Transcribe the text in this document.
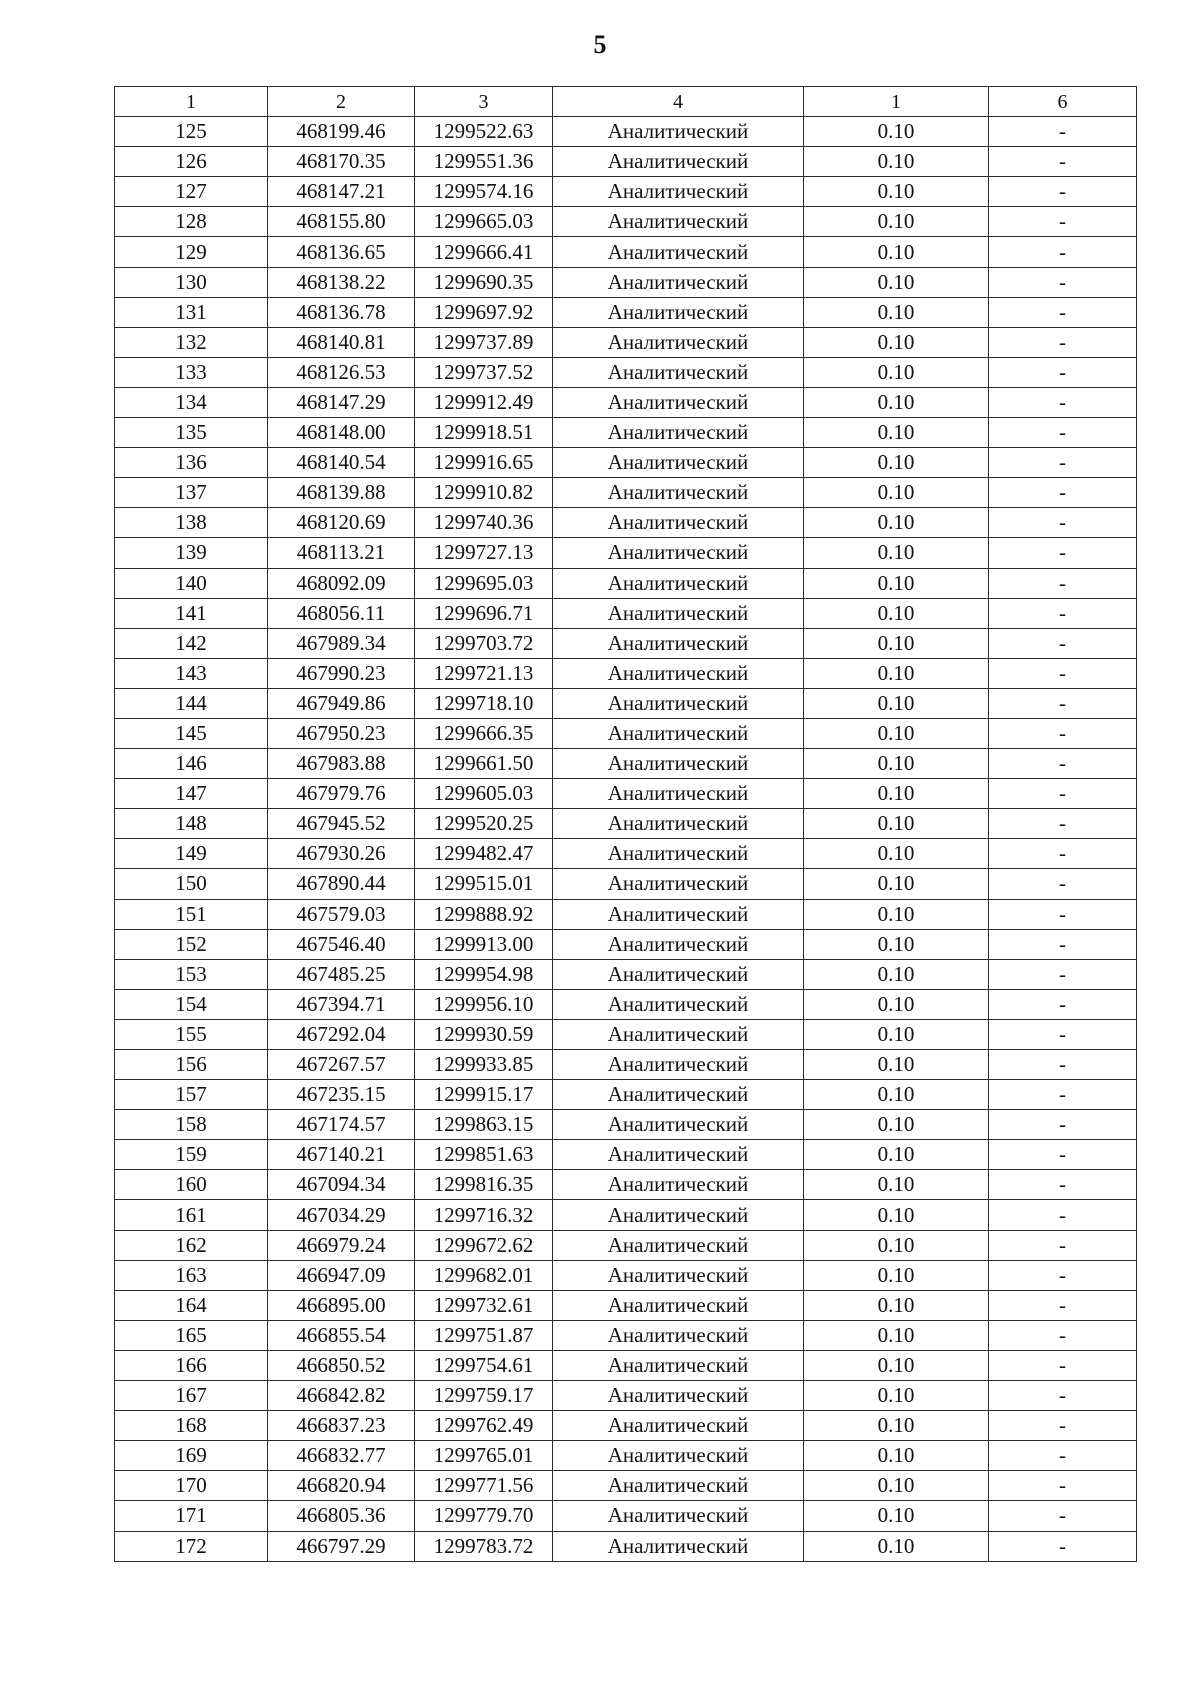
5
1	2	3	4	1	6
125	468199.46	1299522.63	Аналитический	0.10	-
126	468170.35	1299551.36	Аналитический	0.10	-
127	468147.21	1299574.16	Аналитический	0.10	-
128	468155.80	1299665.03	Аналитический	0.10	-
129	468136.65	1299666.41	Аналитический	0.10	-
130	468138.22	1299690.35	Аналитический	0.10	-
131	468136.78	1299697.92	Аналитический	0.10	-
132	468140.81	1299737.89	Аналитический	0.10	-
133	468126.53	1299737.52	Аналитический	0.10	-
134	468147.29	1299912.49	Аналитический	0.10	-
135	468148.00	1299918.51	Аналитический	0.10	-
136	468140.54	1299916.65	Аналитический	0.10	-
137	468139.88	1299910.82	Аналитический	0.10	-
138	468120.69	1299740.36	Аналитический	0.10	-
139	468113.21	1299727.13	Аналитический	0.10	-
140	468092.09	1299695.03	Аналитический	0.10	-
141	468056.11	1299696.71	Аналитический	0.10	-
142	467989.34	1299703.72	Аналитический	0.10	-
143	467990.23	1299721.13	Аналитический	0.10	-
144	467949.86	1299718.10	Аналитический	0.10	-
145	467950.23	1299666.35	Аналитический	0.10	-
146	467983.88	1299661.50	Аналитический	0.10	-
147	467979.76	1299605.03	Аналитический	0.10	-
148	467945.52	1299520.25	Аналитический	0.10	-
149	467930.26	1299482.47	Аналитический	0.10	-
150	467890.44	1299515.01	Аналитический	0.10	-
151	467579.03	1299888.92	Аналитический	0.10	-
152	467546.40	1299913.00	Аналитический	0.10	-
153	467485.25	1299954.98	Аналитический	0.10	-
154	467394.71	1299956.10	Аналитический	0.10	-
155	467292.04	1299930.59	Аналитический	0.10	-
156	467267.57	1299933.85	Аналитический	0.10	-
157	467235.15	1299915.17	Аналитический	0.10	-
158	467174.57	1299863.15	Аналитический	0.10	-
159	467140.21	1299851.63	Аналитический	0.10	-
160	467094.34	1299816.35	Аналитический	0.10	-
161	467034.29	1299716.32	Аналитический	0.10	-
162	466979.24	1299672.62	Аналитический	0.10	-
163	466947.09	1299682.01	Аналитический	0.10	-
164	466895.00	1299732.61	Аналитический	0.10	-
165	466855.54	1299751.87	Аналитический	0.10	-
166	466850.52	1299754.61	Аналитический	0.10	-
167	466842.82	1299759.17	Аналитический	0.10	-
168	466837.23	1299762.49	Аналитический	0.10	-
169	466832.77	1299765.01	Аналитический	0.10	-
170	466820.94	1299771.56	Аналитический	0.10	-
171	466805.36	1299779.70	Аналитический	0.10	-
172	466797.29	1299783.72	Аналитический	0.10	-
